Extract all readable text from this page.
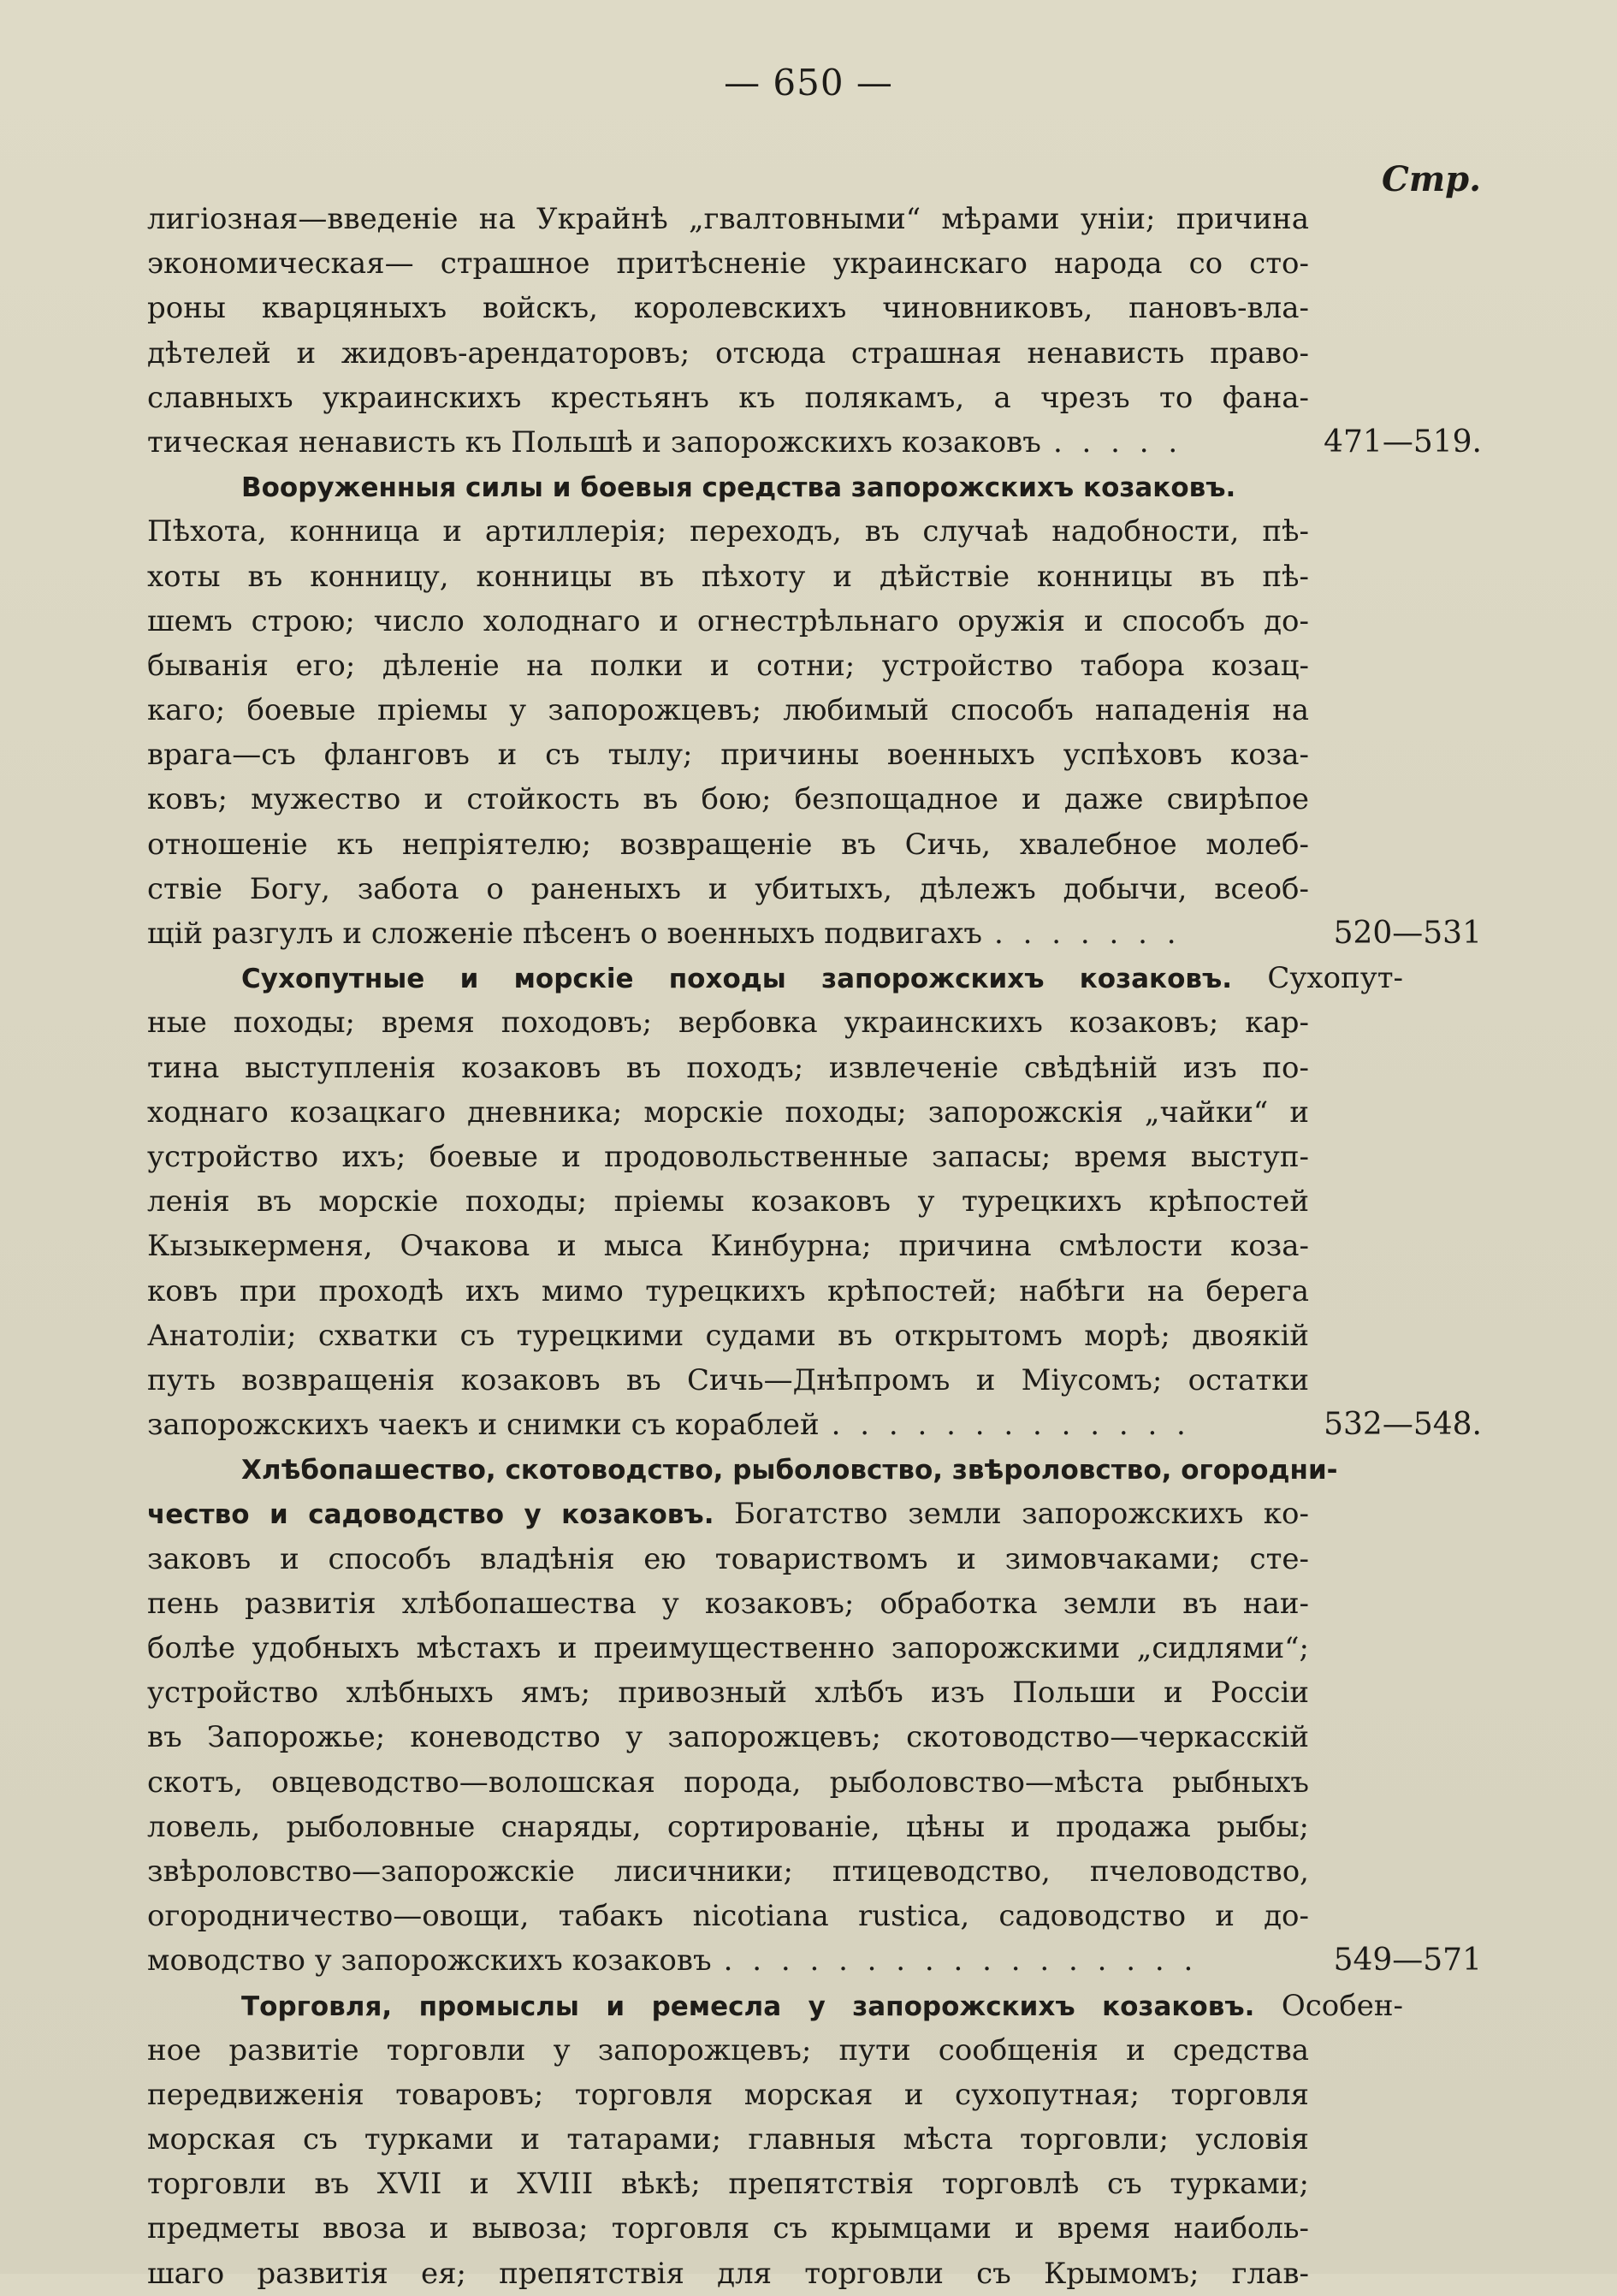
— 650 —
Стр.
лигіозная—введеніе на Украйнѣ „гвалтовными“ мѣрами уніи; причина
экономическая— страшное притѣсненіе украинскаго народа со сто-
роны кварцяныхъ войскъ, королевскихъ чиновниковъ, пановъ-вла-
дѣтелей и жидовъ-арендаторовъ; отсюда страшная ненависть право-
славныхъ украинскихъ крестьянъ къ полякамъ, а чрезъ то фана-
тическая ненависть къ Польшѣ и запорожскихъ козаковъ . . . . .	471—519.
Вооруженныя силы и боевыя средства запорожскихъ козаковъ.
Пѣхота, конница и артиллерія; переходъ, въ случаѣ надобности, пѣ-
хоты въ конницу, конницы въ пѣхоту и дѣйствіе конницы въ пѣ-
шемъ строю; число холоднаго и огнестрѣльнаго оружія и способъ до-
быванія его; дѣленіе на полки и сотни; устройство табора козац-
каго; боевые пріемы у запорожцевъ; любимый способъ нападенія на
врага—съ фланговъ и съ тылу; причины военныхъ успѣховъ коза-
ковъ; мужество и стойкость въ бою; безпощадное и даже свирѣпое
отношеніе къ непріятелю; возвращеніе въ Сичь, хвалебное молеб-
ствіе Богу, забота о раненыхъ и убитыхъ, дѣлежъ добычи, всеоб-
щій разгулъ и сложеніе пѣсенъ о военныхъ подвигахъ . . . . . . .	520—531
Сухопутные и морскіе походы запорожскихъ козаковъ. Сухопут-
ные походы; время походовъ; вербовка украинскихъ козаковъ; кар-
тина выступленія козаковъ въ походъ; извлеченіе свѣдѣній изъ по-
ходнаго козацкаго дневника; морскіе походы; запорожскія „чайки“ и
устройство ихъ; боевые и продовольственные запасы; время выступ-
ленія въ морскіе походы; пріемы козаковъ у турецкихъ крѣпостей
Кызыкерменя, Очакова и мыса Кинбурна; причина смѣлости коза-
ковъ при проходѣ ихъ мимо турецкихъ крѣпостей; набѣги на берега
Анатоліи; схватки съ турецкими судами въ открытомъ морѣ; двоякій
путь возвращенія козаковъ въ Сичь—Днѣпромъ и Міусомъ; остатки
запорожскихъ чаекъ и снимки съ кораблей . . . . . . . . . . . . .	532—548.
Хлѣбопашество, скотоводство, рыболовство, звѣроловство, огородни-
чество и садоводство у козаковъ. Богатство земли запорожскихъ ко-
заковъ и способъ владѣнія ею товариствомъ и зимовчаками; сте-
пень развитія хлѣбопашества у козаковъ; обработка земли въ наи-
болѣе удобныхъ мѣстахъ и преимущественно запорожскими „сидлями“;
устройство хлѣбныхъ ямъ; привозный хлѣбъ изъ Польши и Россіи
въ Запорожье; коневодство у запорожцевъ; скотоводство—черкасскій
скотъ, овцеводство—волошская порода, рыболовство—мѣста рыбныхъ
ловель, рыболовные снаряды, сортированіе, цѣны и продажа рыбы;
звѣроловство—запорожскіе лисичники; птицеводство, пчеловодство,
огородничество—овощи, табакъ nicotiana rustica, садоводство и до-
моводство у запорожскихъ козаковъ . . . . . . . . . . . . . . . . .	549—571
Торговля, промыслы и ремесла у запорожскихъ козаковъ. Особен-
ное развитіе торговли у запорожцевъ; пути сообщенія и средства
передвиженія товаровъ; торговля морская и сухопутная; торговля
морская съ турками и татарами; главныя мѣста торговли; условія
торговли въ XVII и XVIII вѣкѣ; препятствія торговлѣ съ турками;
предметы ввоза и вывоза; торговля съ крымцами и время наиболь-
шаго развитія ея; препятствія для торговли съ Крымомъ; глав-
